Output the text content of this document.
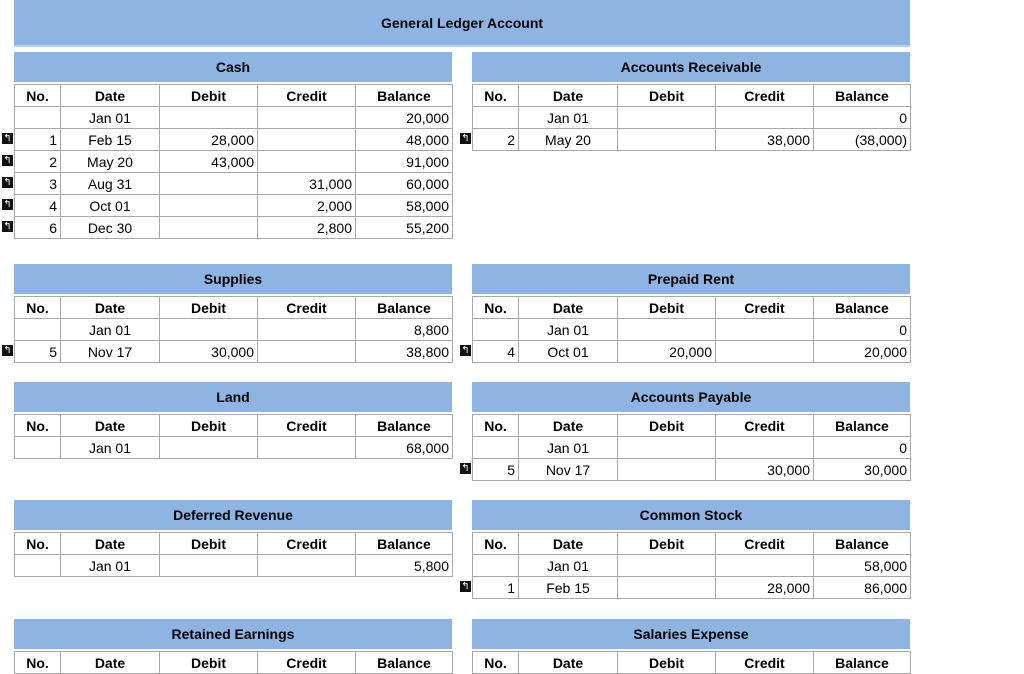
General Ledger Account
Cash
No.	Date	Debit	Credit	Balance
	Jan 01			20,000

↰ 1	Feb 15	28,000		48,000

↰ 2	May 20	43,000		91,000

↰ 3	Aug 31		31,000	60,000

↰ 4	Oct 01		2,000	58,000

↰ 6	Dec 30		2,800	55,200
Accounts Receivable
No.	Date	Debit	Credit	Balance
	Jan 01			0

↰ 2	May 20		38,000	(38,000)
Supplies
No.	Date	Debit	Credit	Balance
	Jan 01			8,800

↰ 5	Nov 17	30,000		38,800
Prepaid Rent
No.	Date	Debit	Credit	Balance
	Jan 01			0

↰ 4	Oct 01	20,000		20,000
Land
No.	Date	Debit	Credit	Balance
	Jan 01			68,000
Accounts Payable
No.	Date	Debit	Credit	Balance
	Jan 01			0

↰ 5	Nov 17		30,000	30,000
Deferred Revenue
No.	Date	Debit	Credit	Balance
	Jan 01			5,800
Common Stock
No.	Date	Debit	Credit	Balance
	Jan 01			58,000

↰ 1	Feb 15		28,000	86,000
Retained Earnings
No.	Date	Debit	Credit	Balance
Salaries Expense
No.	Date	Debit	Credit	Balance
